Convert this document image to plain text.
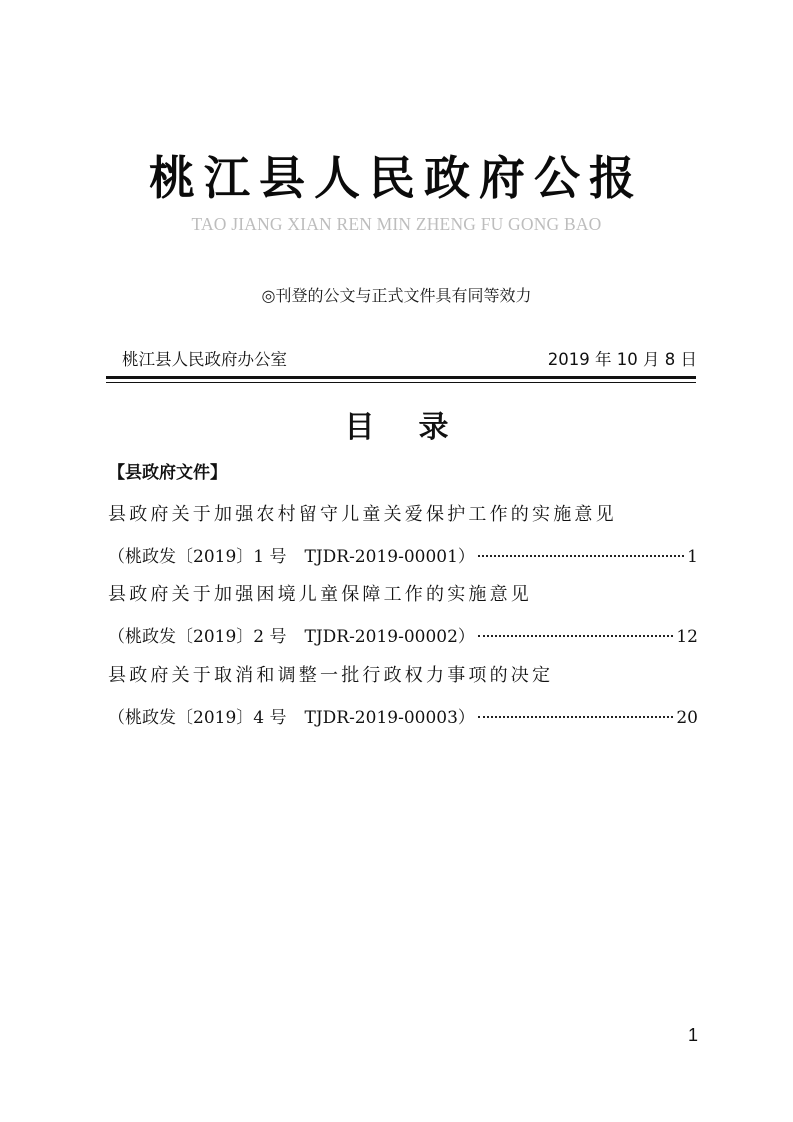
桃江县人民政府公报
TAO JIANG XIAN REN MIN ZHENG FU GONG BAO
◎刊登的公文与正式文件具有同等效力
桃江县人民政府办公室	2019 年 10 月 8 日
目录
【县政府文件】
县政府关于加强农村留守儿童关爱保护工作的实施意见
（桃政发〔2019〕1 号 TJDR-2019-00001）	1
县政府关于加强困境儿童保障工作的实施意见
（桃政发〔2019〕2 号 TJDR-2019-00002）	12
县政府关于取消和调整一批行政权力事项的决定
（桃政发〔2019〕4 号 TJDR-2019-00003）	20
1
